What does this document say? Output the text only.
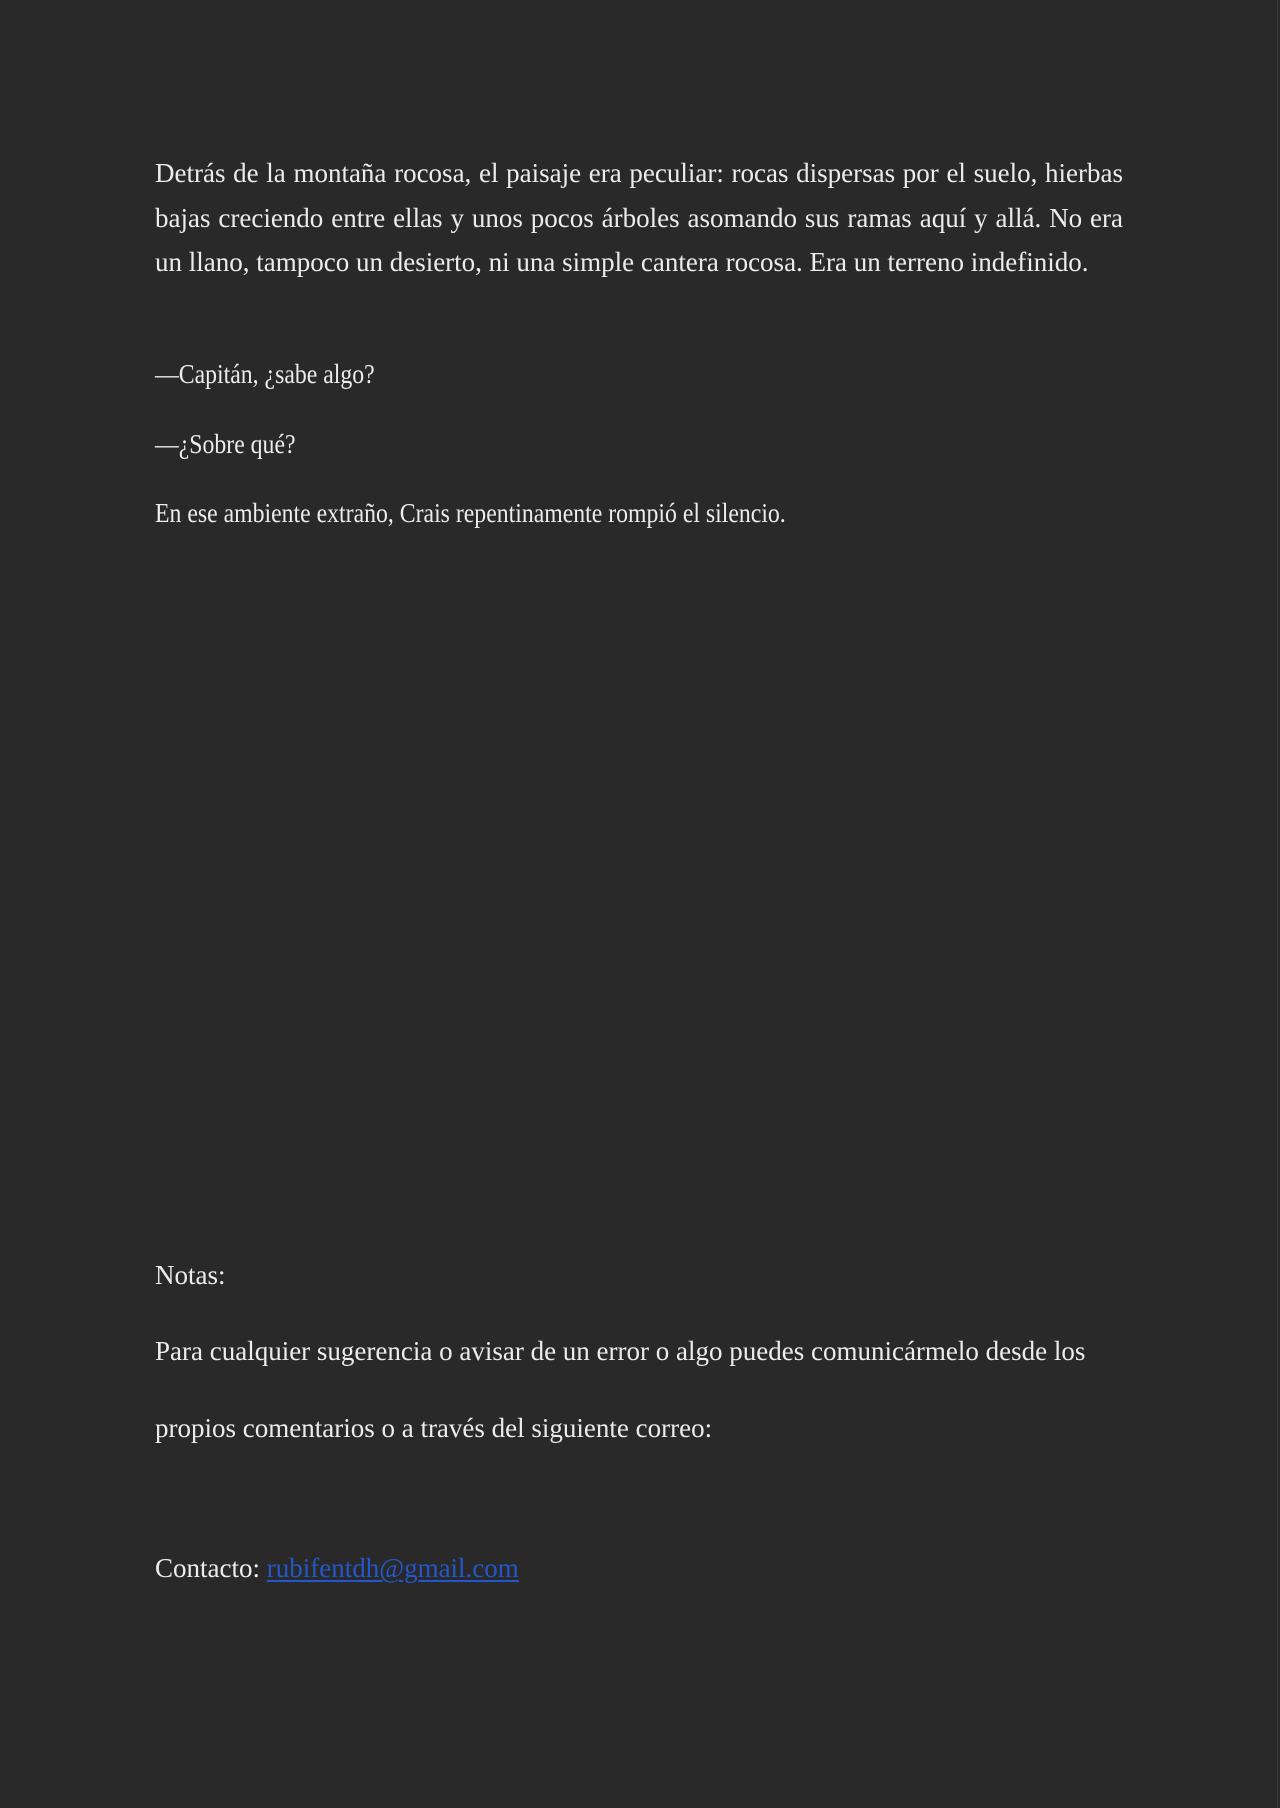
Detrás de la montaña rocosa, el paisaje era peculiar: rocas dispersas por el suelo, hierbas bajas creciendo entre ellas y unos pocos árboles asomando sus ramas aquí y allá. No era un llano, tampoco un desierto, ni una simple cantera rocosa. Era un terreno indefinido.

—Capitán, ¿sabe algo?

—¿Sobre qué?

En ese ambiente extraño, Crais repentinamente rompió el silencio.

Notas:

Para cualquier sugerencia o avisar de un error o algo puedes comunicármelo desde los

propios comentarios o a través del siguiente correo:

Contacto: rubifentdh@gmail.com
